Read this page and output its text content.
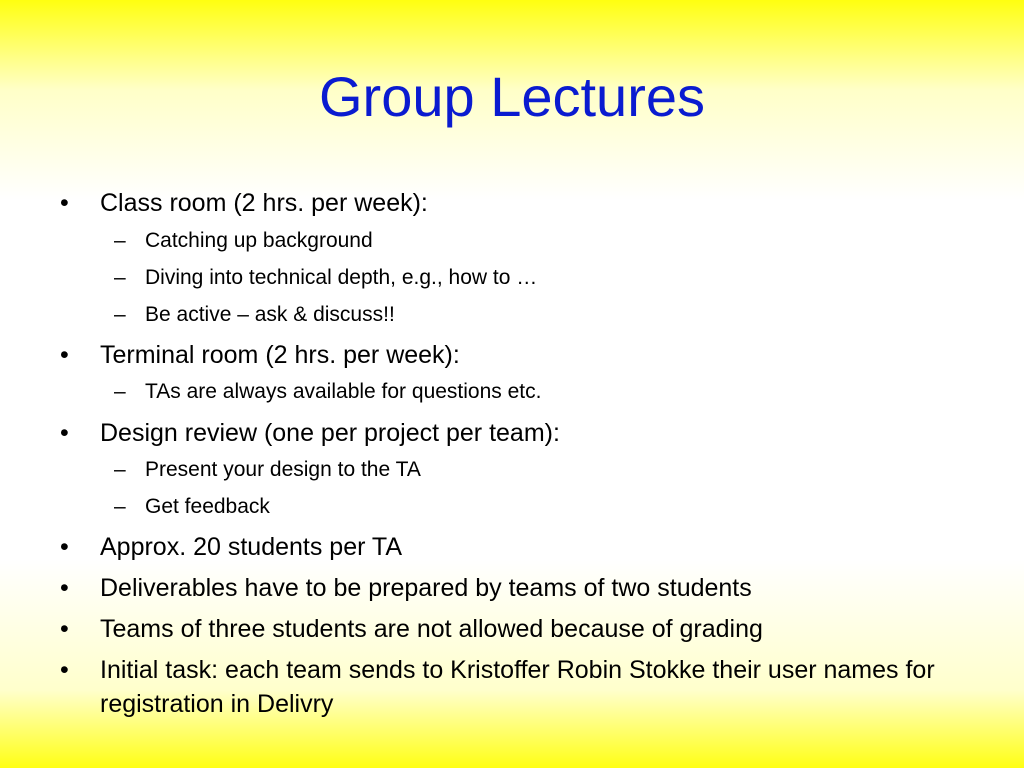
Group Lectures
• Class room (2 hrs. per week):
– Catching up background
– Diving into technical depth, e.g., how to …
– Be active – ask & discuss!!
• Terminal room (2 hrs. per week):
– TAs are always available for questions etc.
• Design review (one per project per team):
– Present your design to the TA
– Get feedback
• Approx. 20 students per TA
• Deliverables have to be prepared by teams of two students
• Teams of three students are not allowed because of grading
• Initial task: each team sends to Kristoffer Robin Stokke their user names for registration in Delivry
